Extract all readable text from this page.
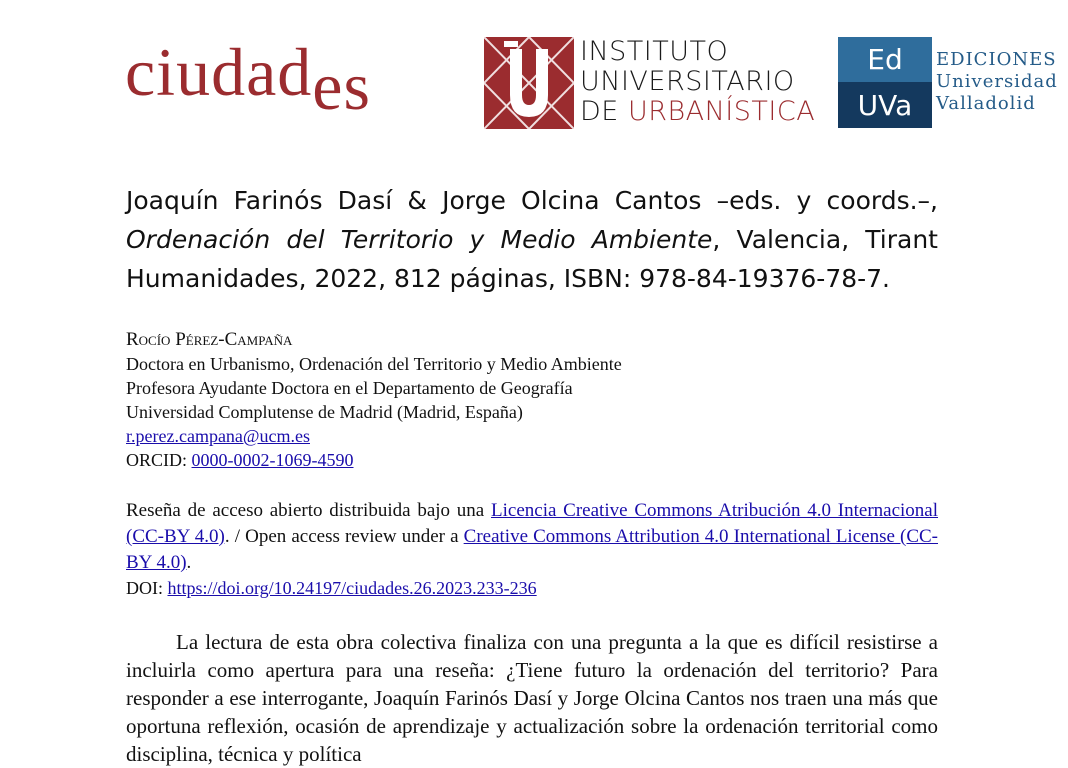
ciudades	INSTITUTO
UNIVERSITARIO
DE URBANÍSTICA
Ed
UVa
EDICIONES
Universidad
Valladolid
Joaquín Farinós Dasí & Jorge Olcina Cantos –eds. y coords.–, Ordenación del Territorio y Medio Ambiente, Valencia, Tirant Humanidades, 2022, 812 páginas, ISBN: 978-84-19376-78-7.
Rocío Pérez-Campaña
Doctora en Urbanismo, Ordenación del Territorio y Medio Ambiente
Profesora Ayudante Doctora en el Departamento de Geografía
Universidad Complutense de Madrid (Madrid, España)
r.perez.campana@ucm.es
ORCID: 0000-0002-1069-4590
Reseña de acceso abierto distribuida bajo una Licencia Creative Commons Atribución 4.0 Internacional (CC-BY 4.0). / Open access review under a Creative Commons Attribution 4.0 International License (CC-BY 4.0).
DOI: https://doi.org/10.24197/ciudades.26.2023.233-236
La lectura de esta obra colectiva finaliza con una pregunta a la que es difícil resistirse a incluirla como apertura para una reseña: ¿Tiene futuro la ordenación del territorio? Para responder a ese interrogante, Joaquín Farinós Dasí y Jorge Olcina Cantos nos traen una más que oportuna reflexión, ocasión de aprendizaje y actualización sobre la ordenación territorial como disciplina, técnica y política
